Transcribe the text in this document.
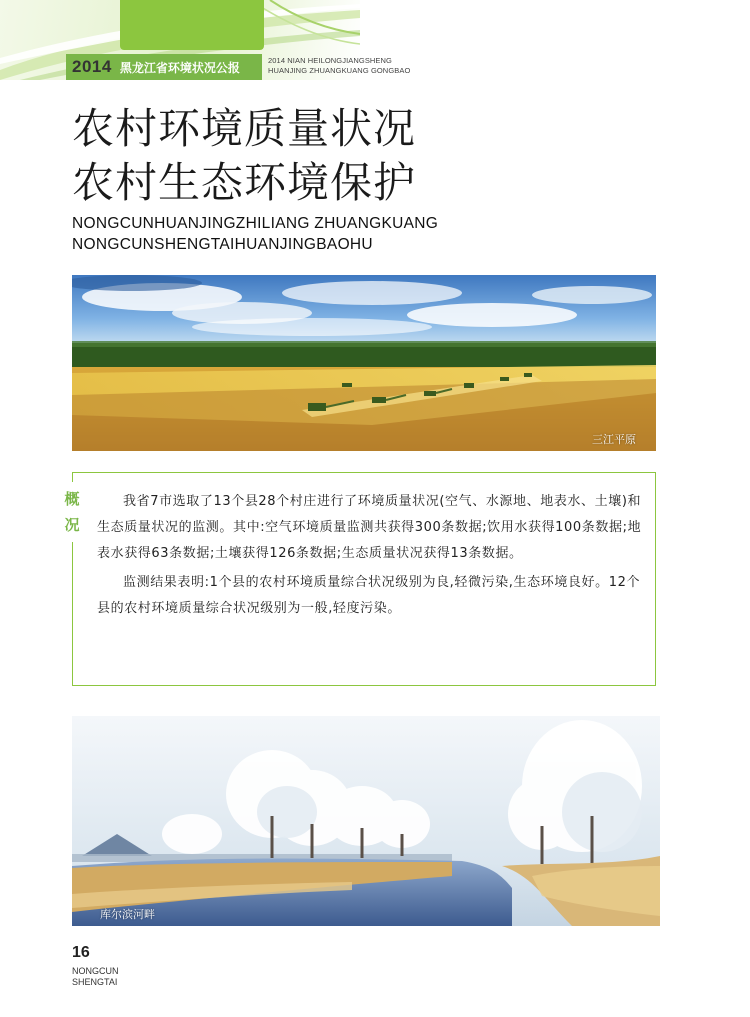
2014 黑龙江省环境状况公报	2014 NIAN HEILONGJIANGSHENG
HUANJING ZHUANGKUANG GONGBAO
农村环境质量状况
农村生态环境保护
NONGCUNHUANJINGZHILIANG ZHUANGKUANG
NONGCUNSHENGTAIHUANJINGBAOHU
三江平原
概
况

我省7市选取了13个县28个村庄进行了环境质量状况(空气、水源地、地表水、土壤)和生态质量状况的监测。其中:空气环境质量监测共获得300条数据;饮用水获得100条数据;地表水获得63条数据;土壤获得126条数据;生态质量状况获得13条数据。

监测结果表明:1个县的农村环境质量综合状况级别为良,轻微污染,生态环境良好。12个县的农村环境质量综合状况级别为一般,轻度污染。

库尔滨河畔
16
NONGCUN
SHENGTAI
